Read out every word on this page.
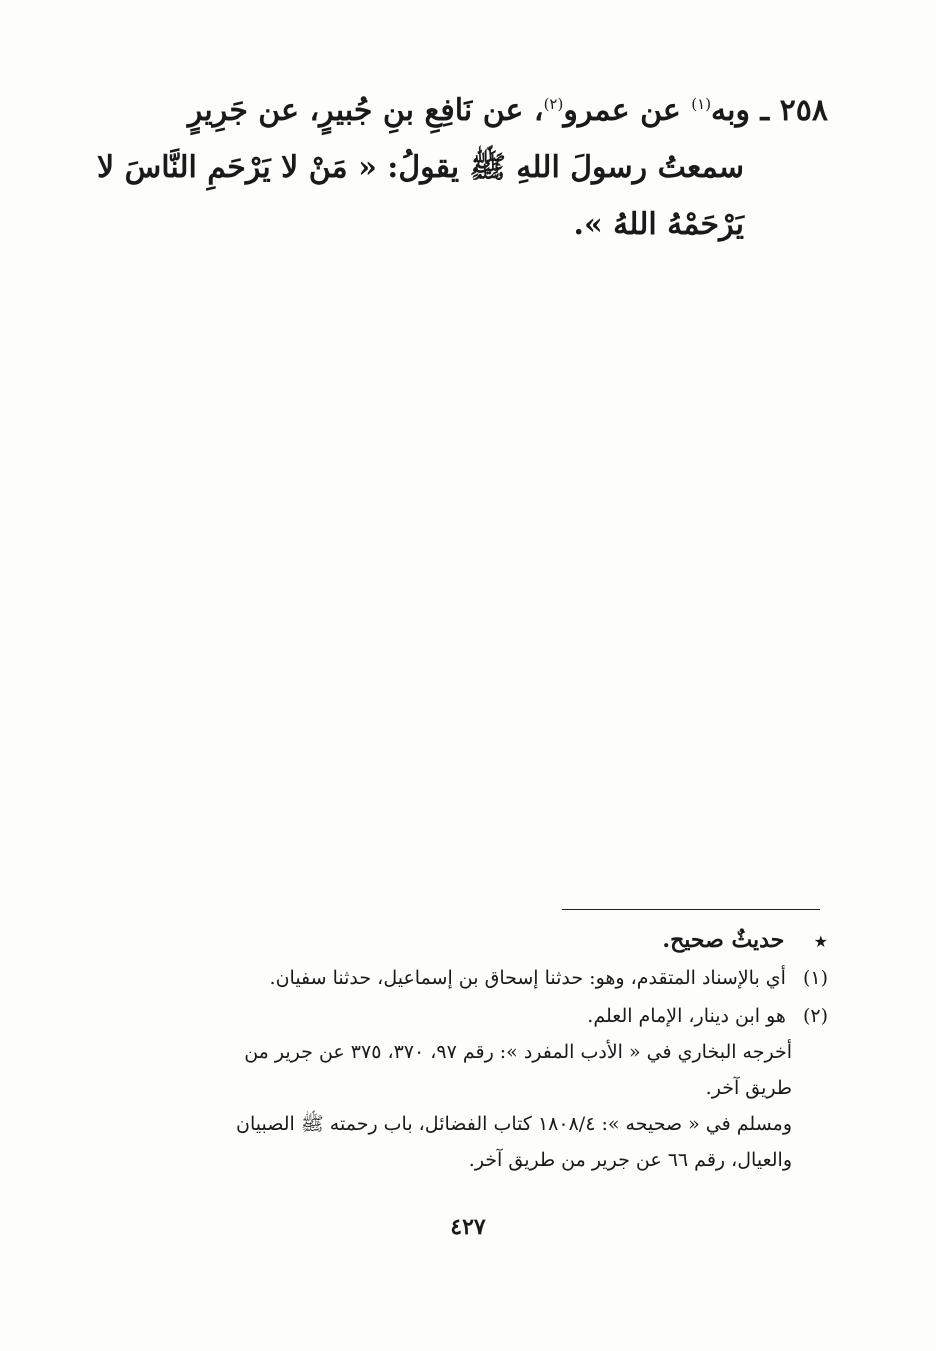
٢٥٨ ـ وبه$^{(١)}$ عن عمرو$^{(٢)}$، عن نَافِعِ بنِ جُبيرٍ، عن جَرِيرٍ
سمعتُ رسولَ اللهِ ﷺ يقولُ: « مَنْ لا يَرْحَمِ النَّاسَ لا
يَرْحَمْهُ اللهُ ».
★ حديثٌ صحيح.
(١) أي بالإسناد المتقدم، وهو: حدثنا إسحاق بن إسماعيل، حدثنا سفيان.
(٢) هو ابن دينار، الإمام العلم.
أخرجه البخاري في « الأدب المفرد »: رقم ٩٧، ٣٧٠، ٣٧٥ عن جرير من
طريق آخر.
ومسلم في « صحيحه »: ١٨٠٨/٤ كتاب الفضائل، باب رحمته ﷺ الصبيان
والعيال، رقم ٦٦ عن جرير من طريق آخر.
٤٢٧
